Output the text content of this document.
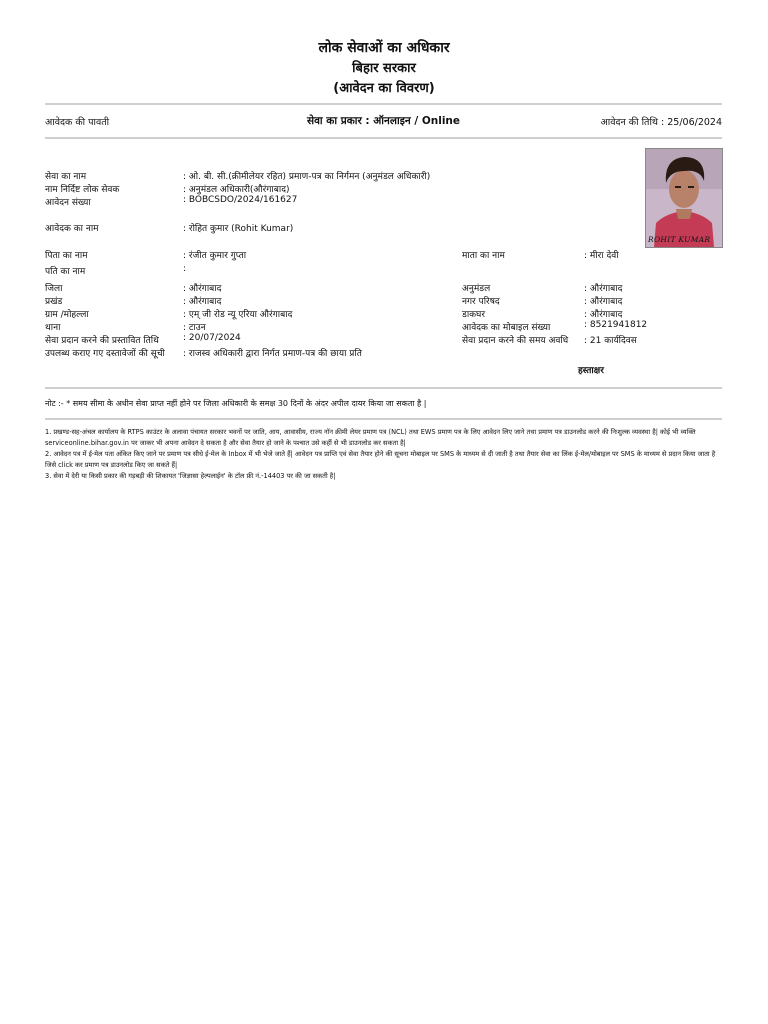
लोक सेवाओं का अधिकार
बिहार सरकार
(आवेदन का विवरण)
आवेदक की पावती	सेवा का प्रकार : ऑनलाइन / Online	आवेदन की तिथि : 25/06/2024
सेवा का नाम	: ओ. बी. सी.(क्रीमीलेयर रहित) प्रमाण-पत्र का निर्गमन (अनुमंडल अधिकारी)
नाम निर्दिष्ट लोक सेवक	: अनुमंडल अधिकारी(औरंगाबाद)
आवेदन संख्या	: BOBCSDO/2024/161627
आवेदक का नाम	: रोहित कुमार (Rohit Kumar)
पिता का नाम	: रंजीत कुमार गुप्ता	माता का नाम	: मीरा देवी
पति का नाम	:
जिला	: औरंगाबाद	अनुमंडल	: औरंगाबाद
प्रखंड	: औरंगाबाद	नगर परिषद	: औरंगाबाद
ग्राम /मोहल्ला	: एम् जी रोड न्यू एरिया औरंगाबाद	डाकघर	: औरंगाबाद
थाना	: टाउन	आवेदक का मोबाइल संख्या	: 8521941812
सेवा प्रदान करने की प्रस्तावित तिथि	: 20/07/2024	सेवा प्रदान करने की समय अवधि : 21 कार्यदिवस
उपलब्ध कराए गए दस्तावेजों की सूची : राजस्व अधिकारी द्वारा निर्गत प्रमाण-पत्र की छाया प्रति
ROHIT KUMAR
हस्ताक्षर
नोट :- * समय सीमा के अधीन सेवा प्राप्त नहीं होने पर जिला अधिकारी के समक्ष 30 दिनों के अंदर अपील दायर किया जा सकता है |
1. प्रखण्ड-सह-अंचल कार्यालय के RTPS काउंटर के अलावा पंचायत सरकार भवनों पर जाति, आय, आवासीय, राज्य नॉन क्रीमी लेयर प्रमाण पत्र (NCL) तथा EWS प्रमाण पत्र के लिए आवेदन लिए जाने तथा प्रमाण पत्र डाउनलोड करने की निःशुल्क व्यवस्था है| कोई भी व्यक्ति serviceonline.bihar.gov.in पर जाकर भी अपना आवेदन दे सकता है और सेवा तैयार हो जाने के पश्चात उसे कहीं से भी डाउनलोड कर सकता है|
2. आवेदन पत्र में ई-मेल पता अंकित किए जाने पर प्रमाण पत्र सीधे ई-मेल के Inbox में भी भेजे जाते हैं| आवेदन पत्र प्राप्ति एवं सेवा तैयार होने की सूचना मोबाइल पर SMS के माध्यम से दी जाती है तथा तैयार सेवा का लिंक ई-मेल/मोबाइल पर SMS के माध्यम से प्रदान किया जाता है जिसे click कर प्रमाण पत्र डाउनलोड किए जा सकते हैं|
3. सेवा में देरी या किसी प्रकार की गड़बड़ी की शिकायत 'जिज्ञासा हेल्पलाईन' के टॉल फ्री नं.-14403 पर की जा सकती है|
